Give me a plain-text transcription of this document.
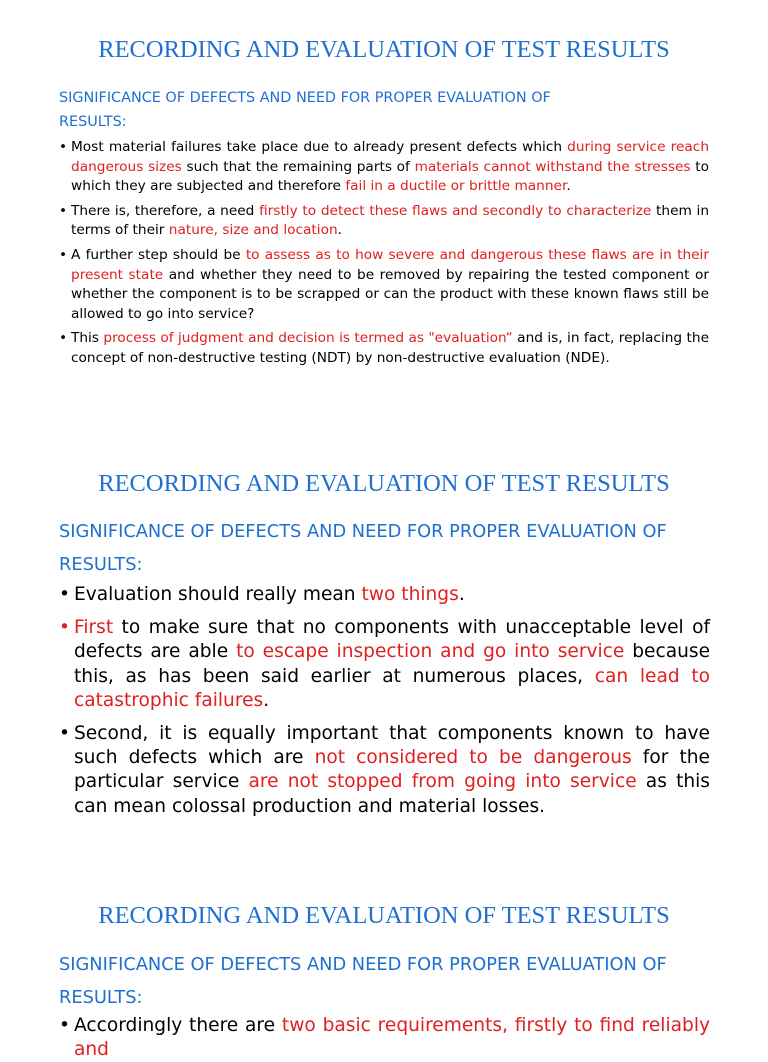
RECORDING AND EVALUATION OF TEST RESULTS
SIGNIFICANCE OF DEFECTS AND NEED FOR PROPER EVALUATION OF
RESULTS:
• Most material failures take place due to already present defects which during service reach dangerous sizes such that the remaining parts of materials cannot withstand the stresses to which they are subjected and therefore fail in a ductile or brittle manner.
• There is, therefore, a need firstly to detect these flaws and secondly to characterize them in terms of their nature, size and location.
• A further step should be to assess as to how severe and dangerous these flaws are in their present state and whether they need to be removed by repairing the tested component or whether the component is to be scrapped or can the product with these known flaws still be allowed to go into service?
• This process of judgment and decision is termed as "evaluation“ and is, in fact, replacing the concept of non-destructive testing (NDT) by non-destructive evaluation (NDE).
RECORDING AND EVALUATION OF TEST RESULTS
SIGNIFICANCE OF DEFECTS AND NEED FOR PROPER EVALUATION OF
RESULTS:
• Evaluation should really mean two things.
• First to make sure that no components with unacceptable level of defects are able to escape inspection and go into service because this, as has been said earlier at numerous places, can lead to catastrophic failures.
• Second, it is equally important that components known to have such defects which are not considered to be dangerous for the particular service are not stopped from going into service as this can mean colossal production and material losses.
RECORDING AND EVALUATION OF TEST RESULTS
SIGNIFICANCE OF DEFECTS AND NEED FOR PROPER EVALUATION OF
RESULTS:
• Accordingly there are two basic requirements, firstly to find reliably and
